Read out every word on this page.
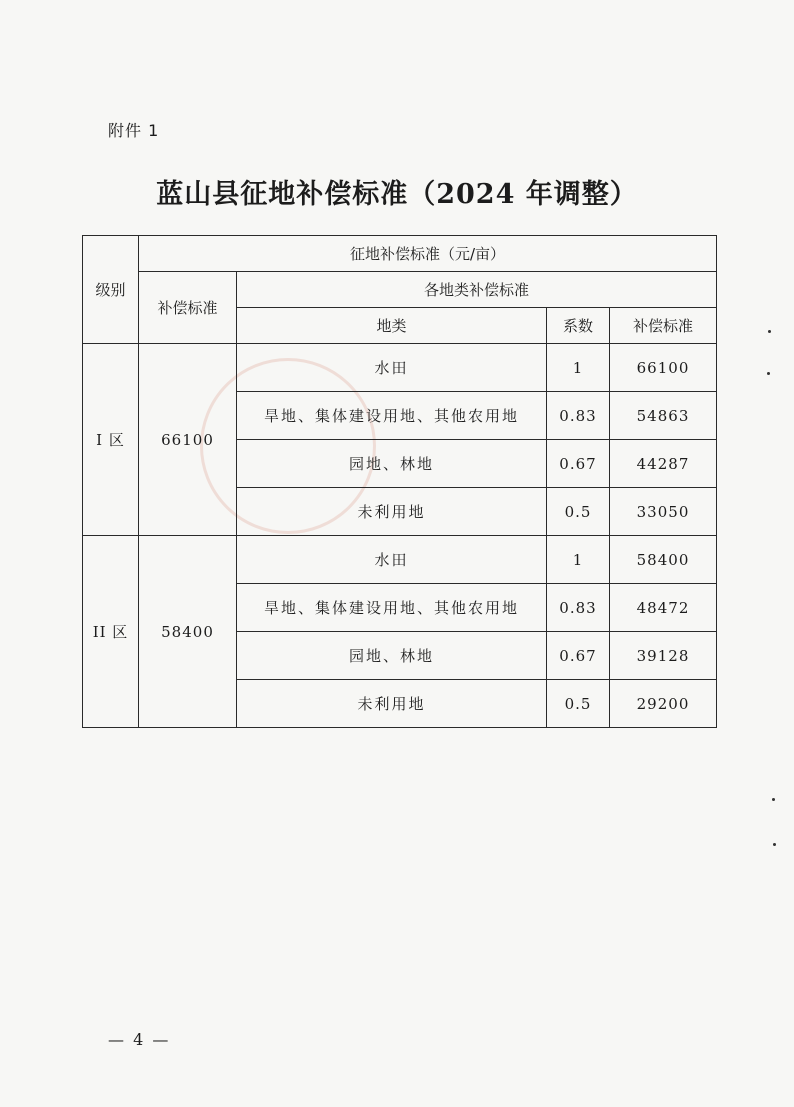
附件 1
蓝山县征地补偿标准（2024 年调整）
级别	征地补偿标准（元/亩）			
	补偿标准	各地类补偿标准		
		地类	系数	补偿标准
I 区	66100	水田	1	66100
		旱地、集体建设用地、其他农用地	0.83	54863
		园地、林地	0.67	44287
		未利用地	0.5	33050
II 区	58400	水田	1	58400
		旱地、集体建设用地、其他农用地	0.83	48472
		园地、林地	0.67	39128
		未利用地	0.5	29200
— 4 —
